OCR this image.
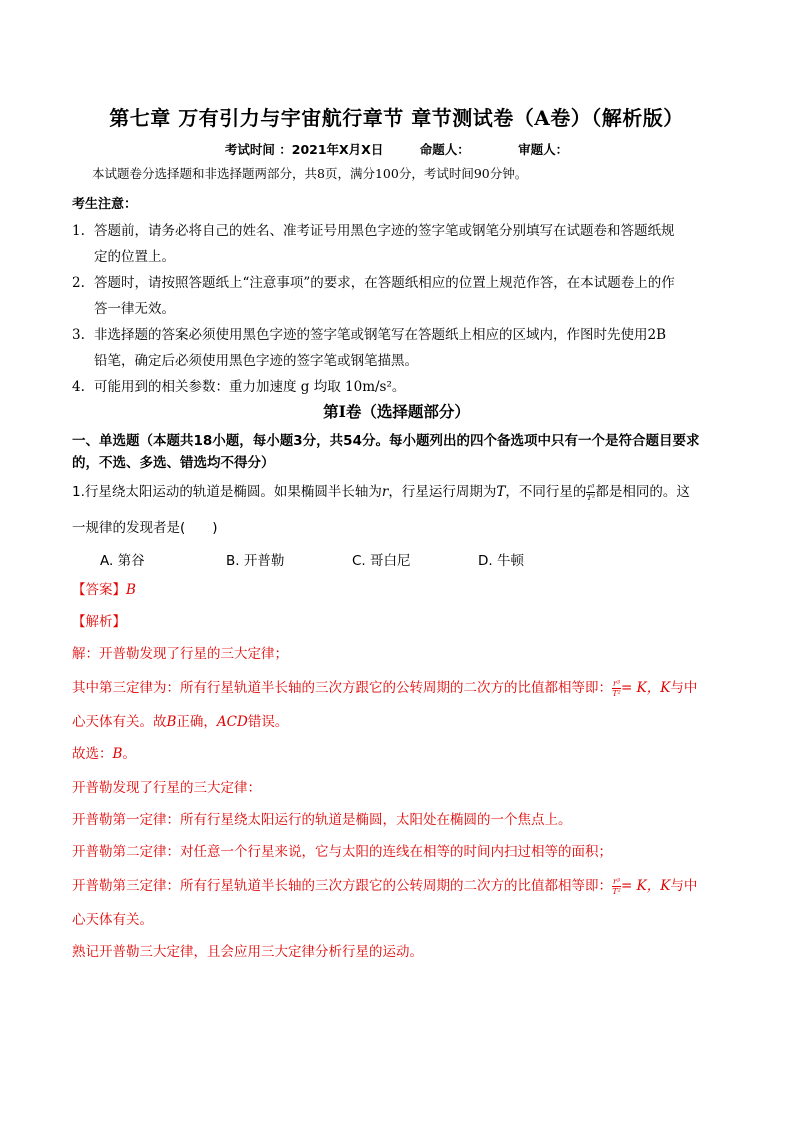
第七章 万有引力与宇宙航行章节 章节测试卷（A卷）（解析版）
考试时间 ：2021年X月X日	命题人：	审题人：
本试题卷分选择题和非选择题两部分，共8页，满分100分，考试时间90分钟。
考生注意：
1. 答题前，请务必将自己的姓名、准考证号用黑色字迹的签字笔或钢笔分别填写在试题卷和答题纸规
定的位置上。
2. 答题时，请按照答题纸上“注意事项”的要求，在答题纸相应的位置上规范作答，在本试题卷上的作
答一律无效。
3. 非选择题的答案必须使用黑色字迹的签字笔或钢笔写在答题纸上相应的区域内，作图时先使用2B
铅笔，确定后必须使用黑色字迹的签字笔或钢笔描黑。
4. 可能用到的相关参数：重力加速度 g 均取 10m/s²。
第I卷（选择题部分）
一、单选题（本题共18小题，每小题3分，共54分。每小题列出的四个备选项中只有一个是符合题目要求的，不选、多选、错选均不得分）
1.行星绕太阳运动的轨道是椭圆。如果椭圆半长轴为r，行星运行周期为T，不同行星的 $\frac{\text{r³}}{\text{T²}}$ 都是相同的。这
一规律的发现者是(　　)
A. 第谷	B. 开普勒	C. 哥白尼	D. 牛顿
【答案】B
【解析】
解：开普勒发现了行星的三大定律；
其中第三定律为：所有行星轨道半长轴的三次方跟它的公转周期的二次方的比值都相等即： $\frac{\text{r³}}{\text{T²}} = K$，K与中
心天体有关。故B正确，ACD错误。
故选：B。
开普勒发现了行星的三大定律：
开普勒第一定律：所有行星绕太阳运行的轨道是椭圆，太阳处在椭圆的一个焦点上。
开普勒第二定律：对任意一个行星来说，它与太阳的连线在相等的时间内扫过相等的面积；
开普勒第三定律：所有行星轨道半长轴的三次方跟它的公转周期的二次方的比值都相等即： $\frac{\text{r³}}{\text{T²}} = K$，K与中
心天体有关。
熟记开普勒三大定律，且会应用三大定律分析行星的运动。
